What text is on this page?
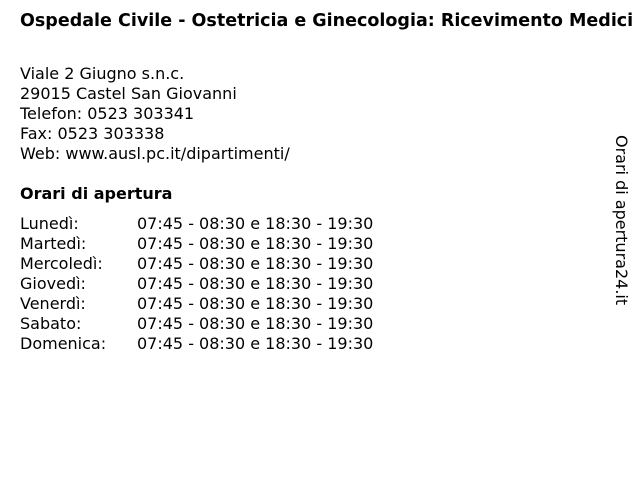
Ospedale Civile - Ostetricia e Ginecologia: Ricevimento Medici
Viale 2 Giugno s.n.c.
29015 Castel San Giovanni
Telefon: 0523 303341
Fax: 0523 303338
Web: www.ausl.pc.it/dipartimenti/
Orari di apertura
Lunedì:	07:45 - 08:30 e 18:30 - 19:30
Martedì:	07:45 - 08:30 e 18:30 - 19:30
Mercoledì:	07:45 - 08:30 e 18:30 - 19:30
Giovedì:	07:45 - 08:30 e 18:30 - 19:30
Venerdì:	07:45 - 08:30 e 18:30 - 19:30
Sabato:	07:45 - 08:30 e 18:30 - 19:30
Domenica:	07:45 - 08:30 e 18:30 - 19:30
Orari di apertura24.it
